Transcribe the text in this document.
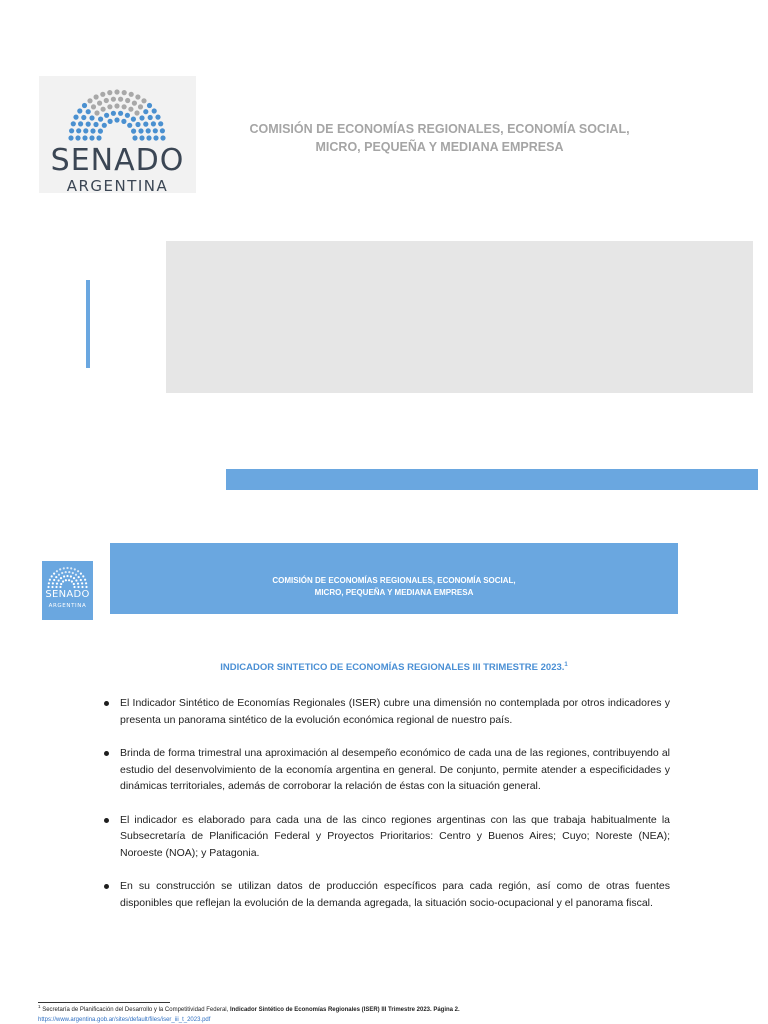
SENADO
ARGENTINA
COMISIÓN DE ECONOMÍAS REGIONALES, ECONOMÍA SOCIAL,
MICRO, PEQUEÑA Y MEDIANA EMPRESA
SENADO
ARGENTINA
COMISIÓN DE ECONOMÍAS REGIONALES, ECONOMÍA SOCIAL,
MICRO, PEQUEÑA Y MEDIANA EMPRESA
INDICADOR SINTETICO DE ECONOMÍAS REGIONALES III TRIMESTRE 2023.$^1$
El Indicador Sintético de Economías Regionales (ISER) cubre una dimensión no contemplada por otros indicadores y presenta un panorama sintético de la evolución económica regional de nuestro país.
Brinda de forma trimestral una aproximación al desempeño económico de cada una de las regiones, contribuyendo al estudio del desenvolvimiento de la economía argentina en general. De conjunto, permite atender a especificidades y dinámicas territoriales, además de corroborar la relación de éstas con la situación general.
El indicador es elaborado para cada una de las cinco regiones argentinas con las que trabaja habitualmente la Subsecretaría de Planificación Federal y Proyectos Prioritarios: Centro y Buenos Aires; Cuyo; Noreste (NEA); Noroeste (NOA); y Patagonia.
En su construcción se utilizan datos de producción específicos para cada región, así como de otras fuentes disponibles que reflejan la evolución de la demanda agregada, la situación socio-ocupacional y el panorama fiscal.
$^1$ Secretaría de Planificación del Desarrollo y la Competitividad Federal, Indicador Sintético de Economías Regionales (ISER) III Trimestre 2023. Página 2.
https://www.argentina.gob.ar/sites/default/files/iser_iii_t_2023.pdf
